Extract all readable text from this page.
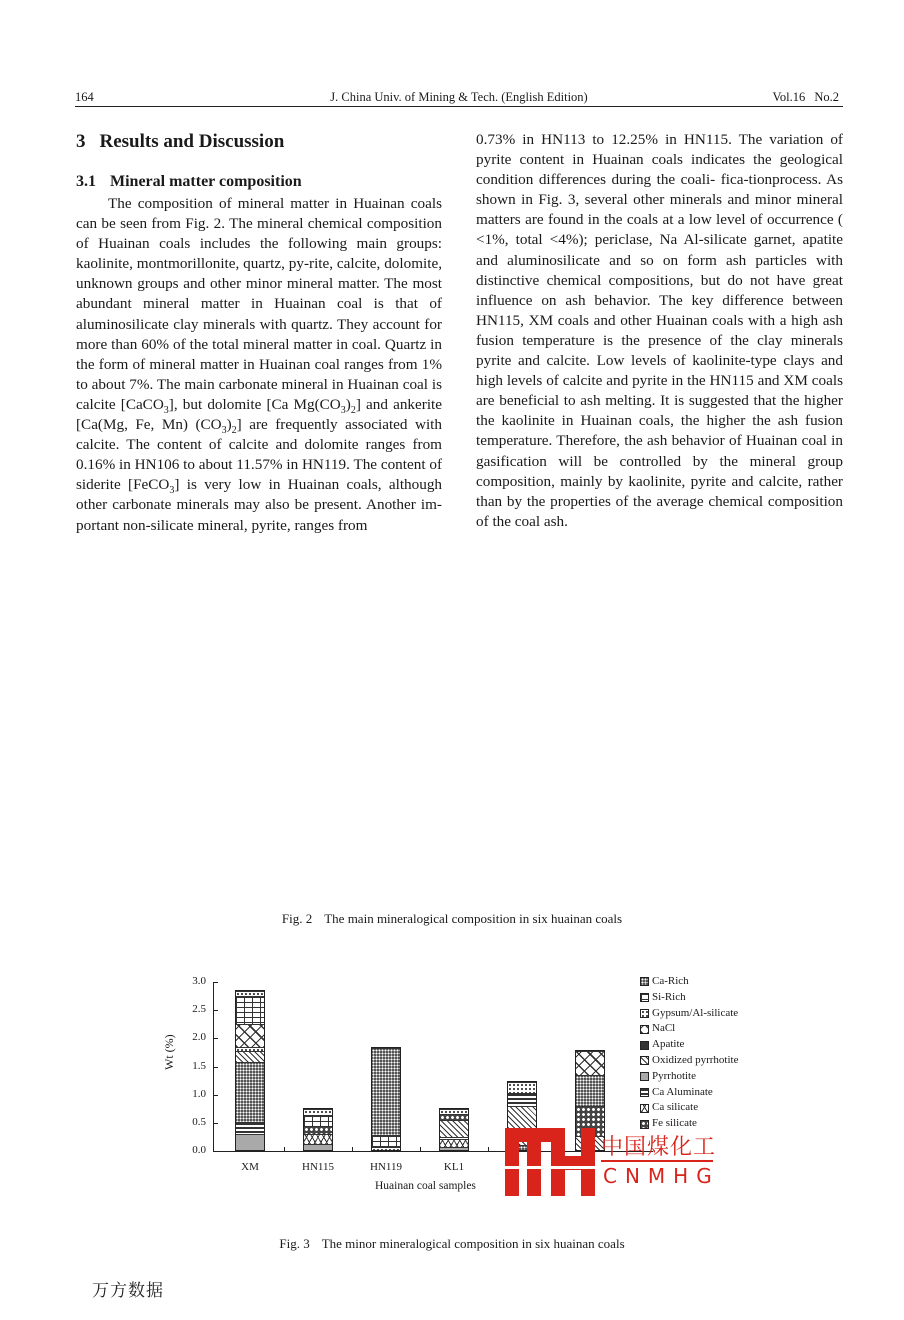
164	J. China Univ. of Mining & Tech. (English Edition)	Vol.16 No.2
3 Results and Discussion
3.1 Mineral matter composition

The composition of mineral matter in Huainan coals can be seen from Fig. 2. The mineral chemical composition of Huainan coals includes the following main groups: kaolinite, montmorillonite, quartz, py-rite, calcite, dolomite, unknown groups and other minor mineral matter. The most abundant mineral matter in Huainan coal is that of aluminosilicate clay minerals with quartz. They account for more than 60% of the total mineral matter in coal. Quartz in the form of mineral matter in Huainan coal ranges from 1% to about 7%. The main carbonate mineral in Huainan coal is calcite [CaCO$_3$], but dolomite [Ca $Mg(CO_3)_2$] and ankerite [Ca(Mg, Fe, Mn) $(CO_3)_2$] are frequently associated with calcite. The content of calcite and dolomite ranges from 0.16% in HN106 to about 11.57% in HN119. The content of siderite [FeCO$_3$] is very low in Huainan coals, although other carbonate minerals may also be present. Another im-portant non-silicate mineral, pyrite, ranges from

0.73% in HN113 to 12.25% in HN115. The variation of pyrite content in Huainan coals indicates the geological condition differences during the coali- fica-tionprocess. As shown in Fig. 3, several other minerals and minor mineral matters are found in the coals at a low level of occurrence ( <1%, total <4%); periclase, Na Al-silicate garnet, apatite and aluminosilicate and so on form ash particles with distinctive chemical compositions, but do not have great influence on ash behavior. The key difference between HN115, XM coals and other Huainan coals with a high ash fusion temperature is the presence of the clay minerals pyrite and calcite. Low levels of kaolinite-type clays and high levels of calcite and pyrite in the HN115 and XM coals are beneficial to ash melting. It is suggested that the higher the kaolinite in Huainan coals, the higher the ash fusion temperature. Therefore, the ash behavior of Huainan coal in gasification will be controlled by the mineral group composition, mainly by kaolinite, pyrite and calcite, rather than by the properties of the average chemical composition of the coal ash.

Fig. 2 The main mineralogical composition in six huainan coals
Wt (%)
0.0
0.5
1.0
1.5
2.0
2.5
3.0
XM	HN115	HN119	KL1
Huainan coal samples
Ca-Rich
Si-Rich
Gypsum/Al-silicate
NaCl
Apatite
Oxidized pyrrhotite
Pyrrhotite
Ca Aluminate
Ca silicate
Fe silicate
中国煤化工
CNMHG
Fig. 3 The minor mineralogical composition in six huainan coals
万方数据
